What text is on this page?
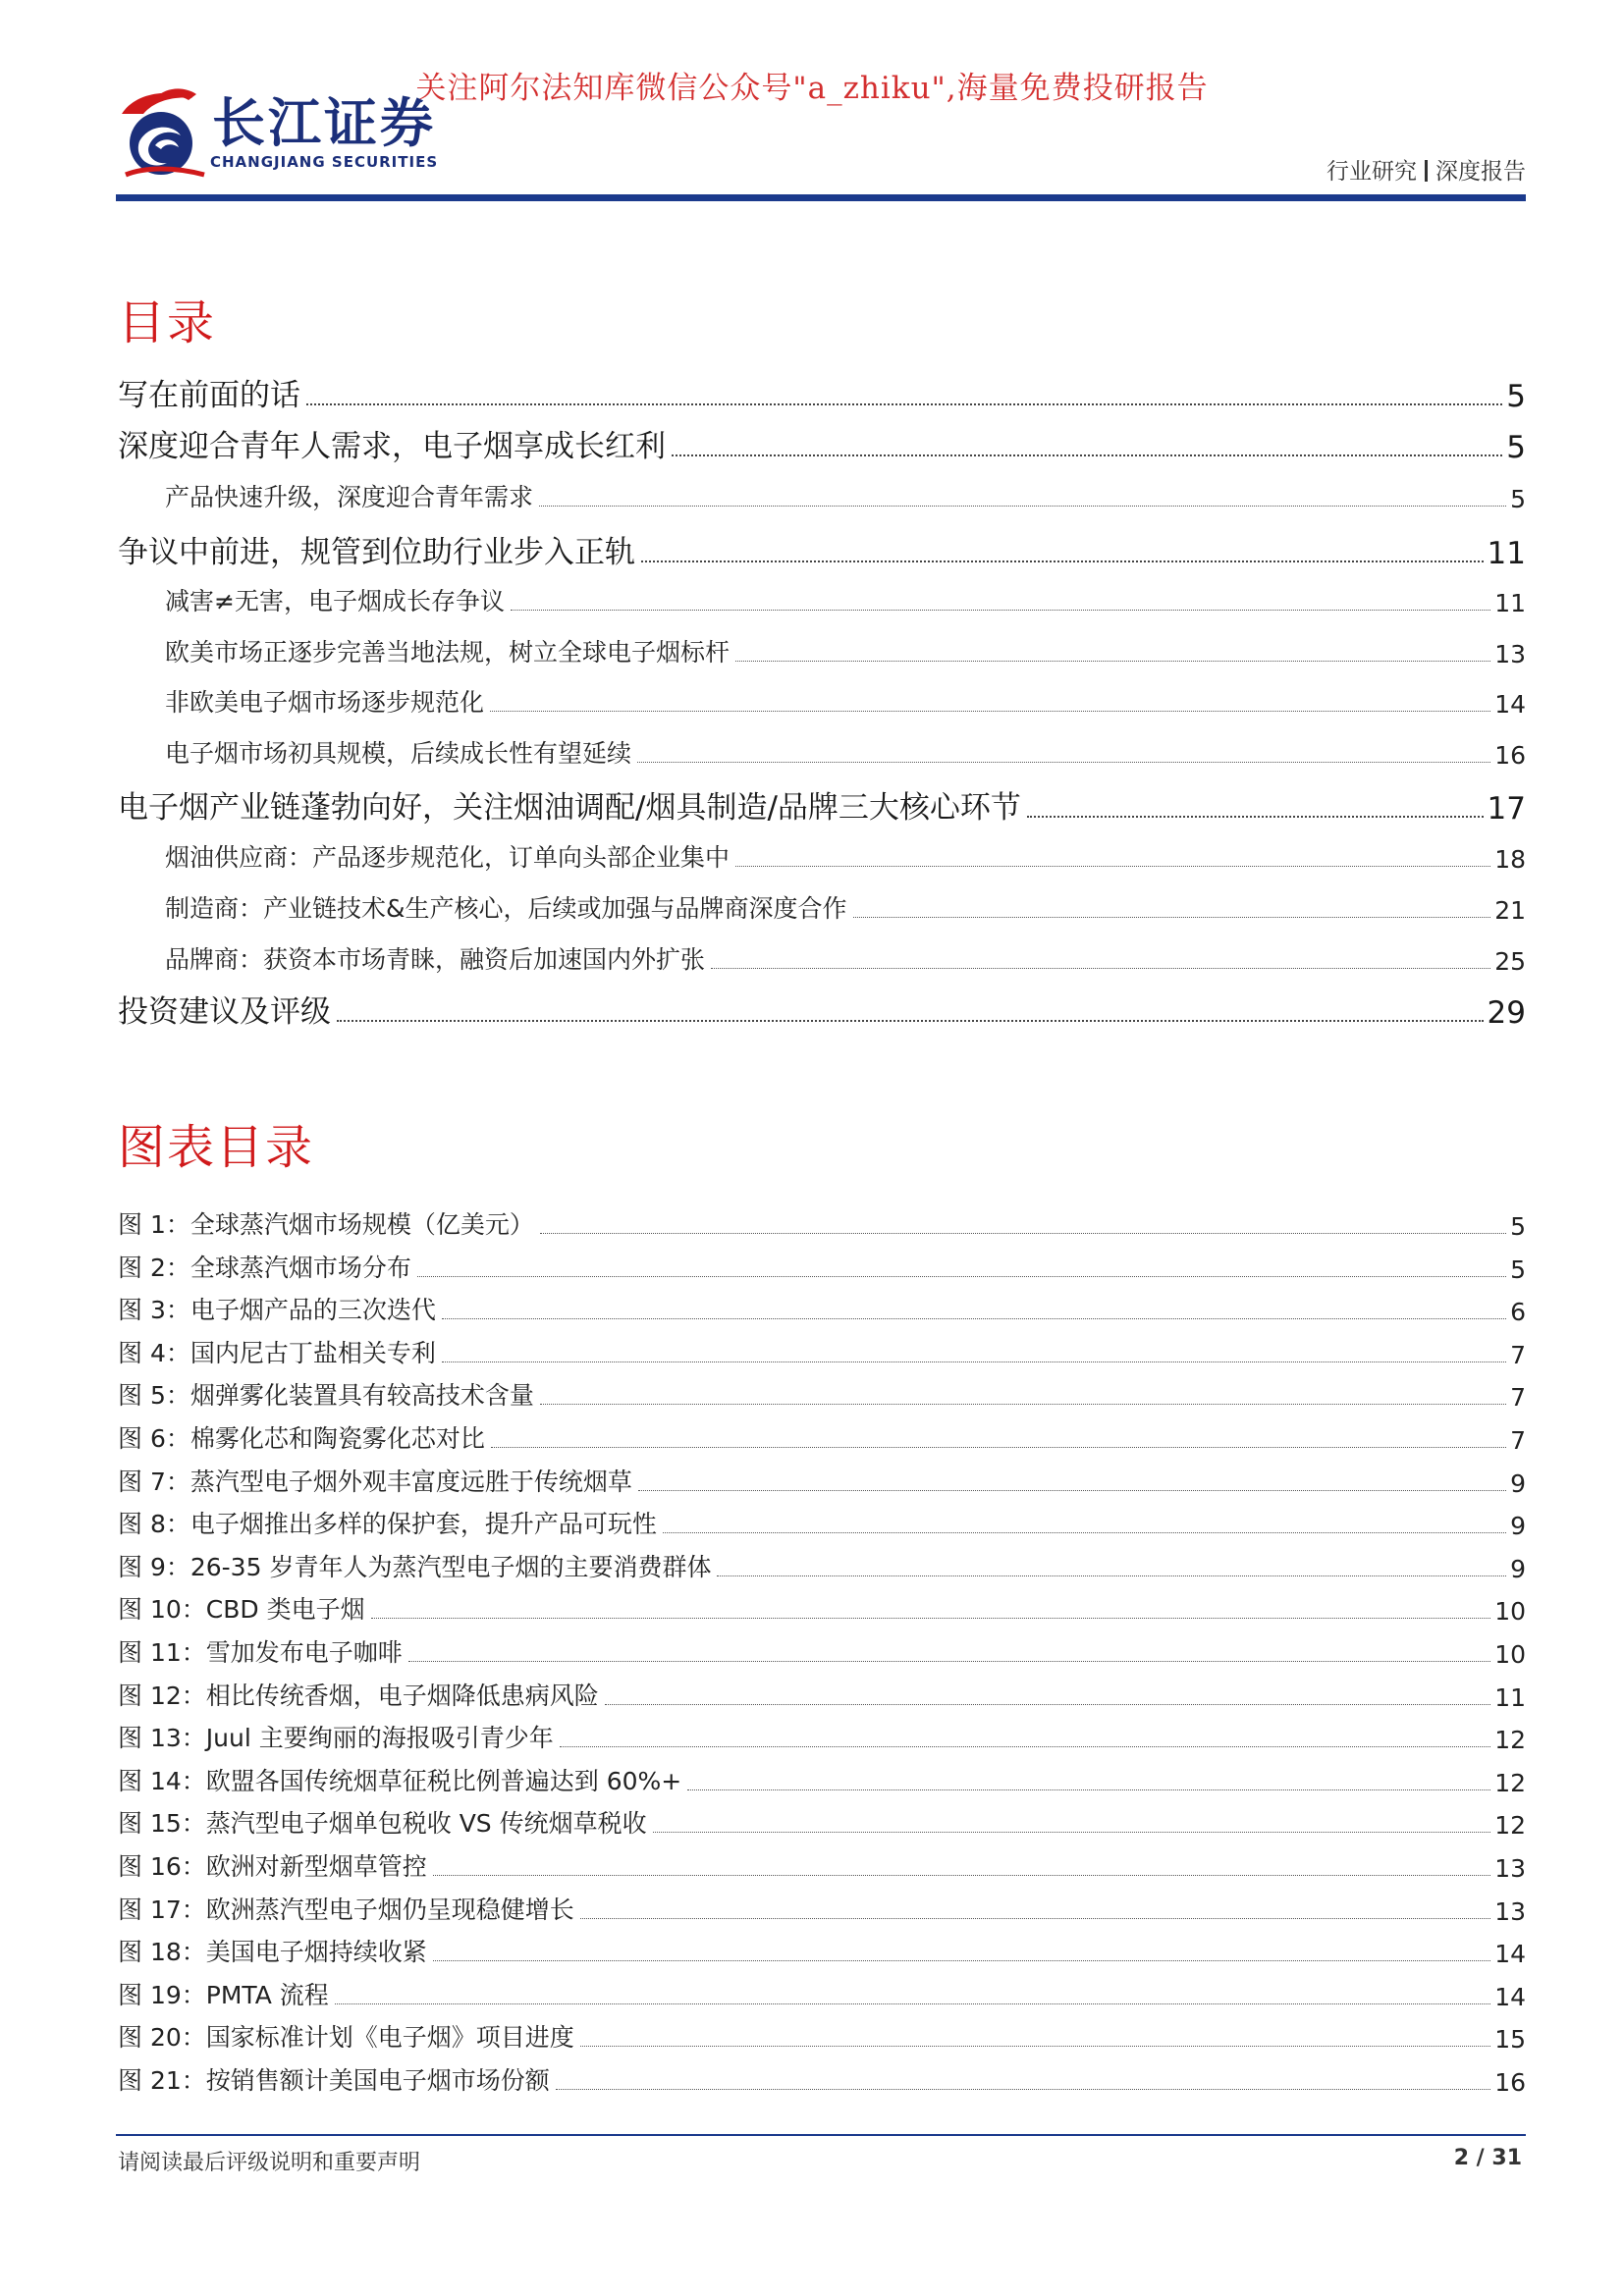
关注阿尔法知库微信公众号"a_zhiku",海量免费投研报告
长江证券
CHANGJIANG SECURITIES	行业研究 深度报告
目录
写在前面的话	5
深度迎合青年人需求，电子烟享成长红利	5
产品快速升级，深度迎合青年需求	5
争议中前进，规管到位助行业步入正轨	11
减害≠无害，电子烟成长存争议	11
欧美市场正逐步完善当地法规，树立全球电子烟标杆	13
非欧美电子烟市场逐步规范化	14
电子烟市场初具规模，后续成长性有望延续	16
电子烟产业链蓬勃向好，关注烟油调配/烟具制造/品牌三大核心环节	17
烟油供应商：产品逐步规范化，订单向头部企业集中	18
制造商：产业链技术&生产核心，后续或加强与品牌商深度合作	21
品牌商：获资本市场青睐，融资后加速国内外扩张	25
投资建议及评级	29
图表目录
图 1：全球蒸汽烟市场规模（亿美元）	5
图 2：全球蒸汽烟市场分布	5
图 3：电子烟产品的三次迭代	6
图 4：国内尼古丁盐相关专利	7
图 5：烟弹雾化装置具有较高技术含量	7
图 6：棉雾化芯和陶瓷雾化芯对比	7
图 7：蒸汽型电子烟外观丰富度远胜于传统烟草	9
图 8：电子烟推出多样的保护套，提升产品可玩性	9
图 9：26-35 岁青年人为蒸汽型电子烟的主要消费群体	9
图 10：CBD 类电子烟	10
图 11：雪加发布电子咖啡	10
图 12：相比传统香烟，电子烟降低患病风险	11
图 13：Juul 主要绚丽的海报吸引青少年	12
图 14：欧盟各国传统烟草征税比例普遍达到 60%+	12
图 15：蒸汽型电子烟单包税收 VS 传统烟草税收	12
图 16：欧洲对新型烟草管控	13
图 17：欧洲蒸汽型电子烟仍呈现稳健增长	13
图 18：美国电子烟持续收紧	14
图 19：PMTA 流程	14
图 20：国家标准计划《电子烟》项目进度	15
图 21：按销售额计美国电子烟市场份额	16
请阅读最后评级说明和重要声明	2 / 31
